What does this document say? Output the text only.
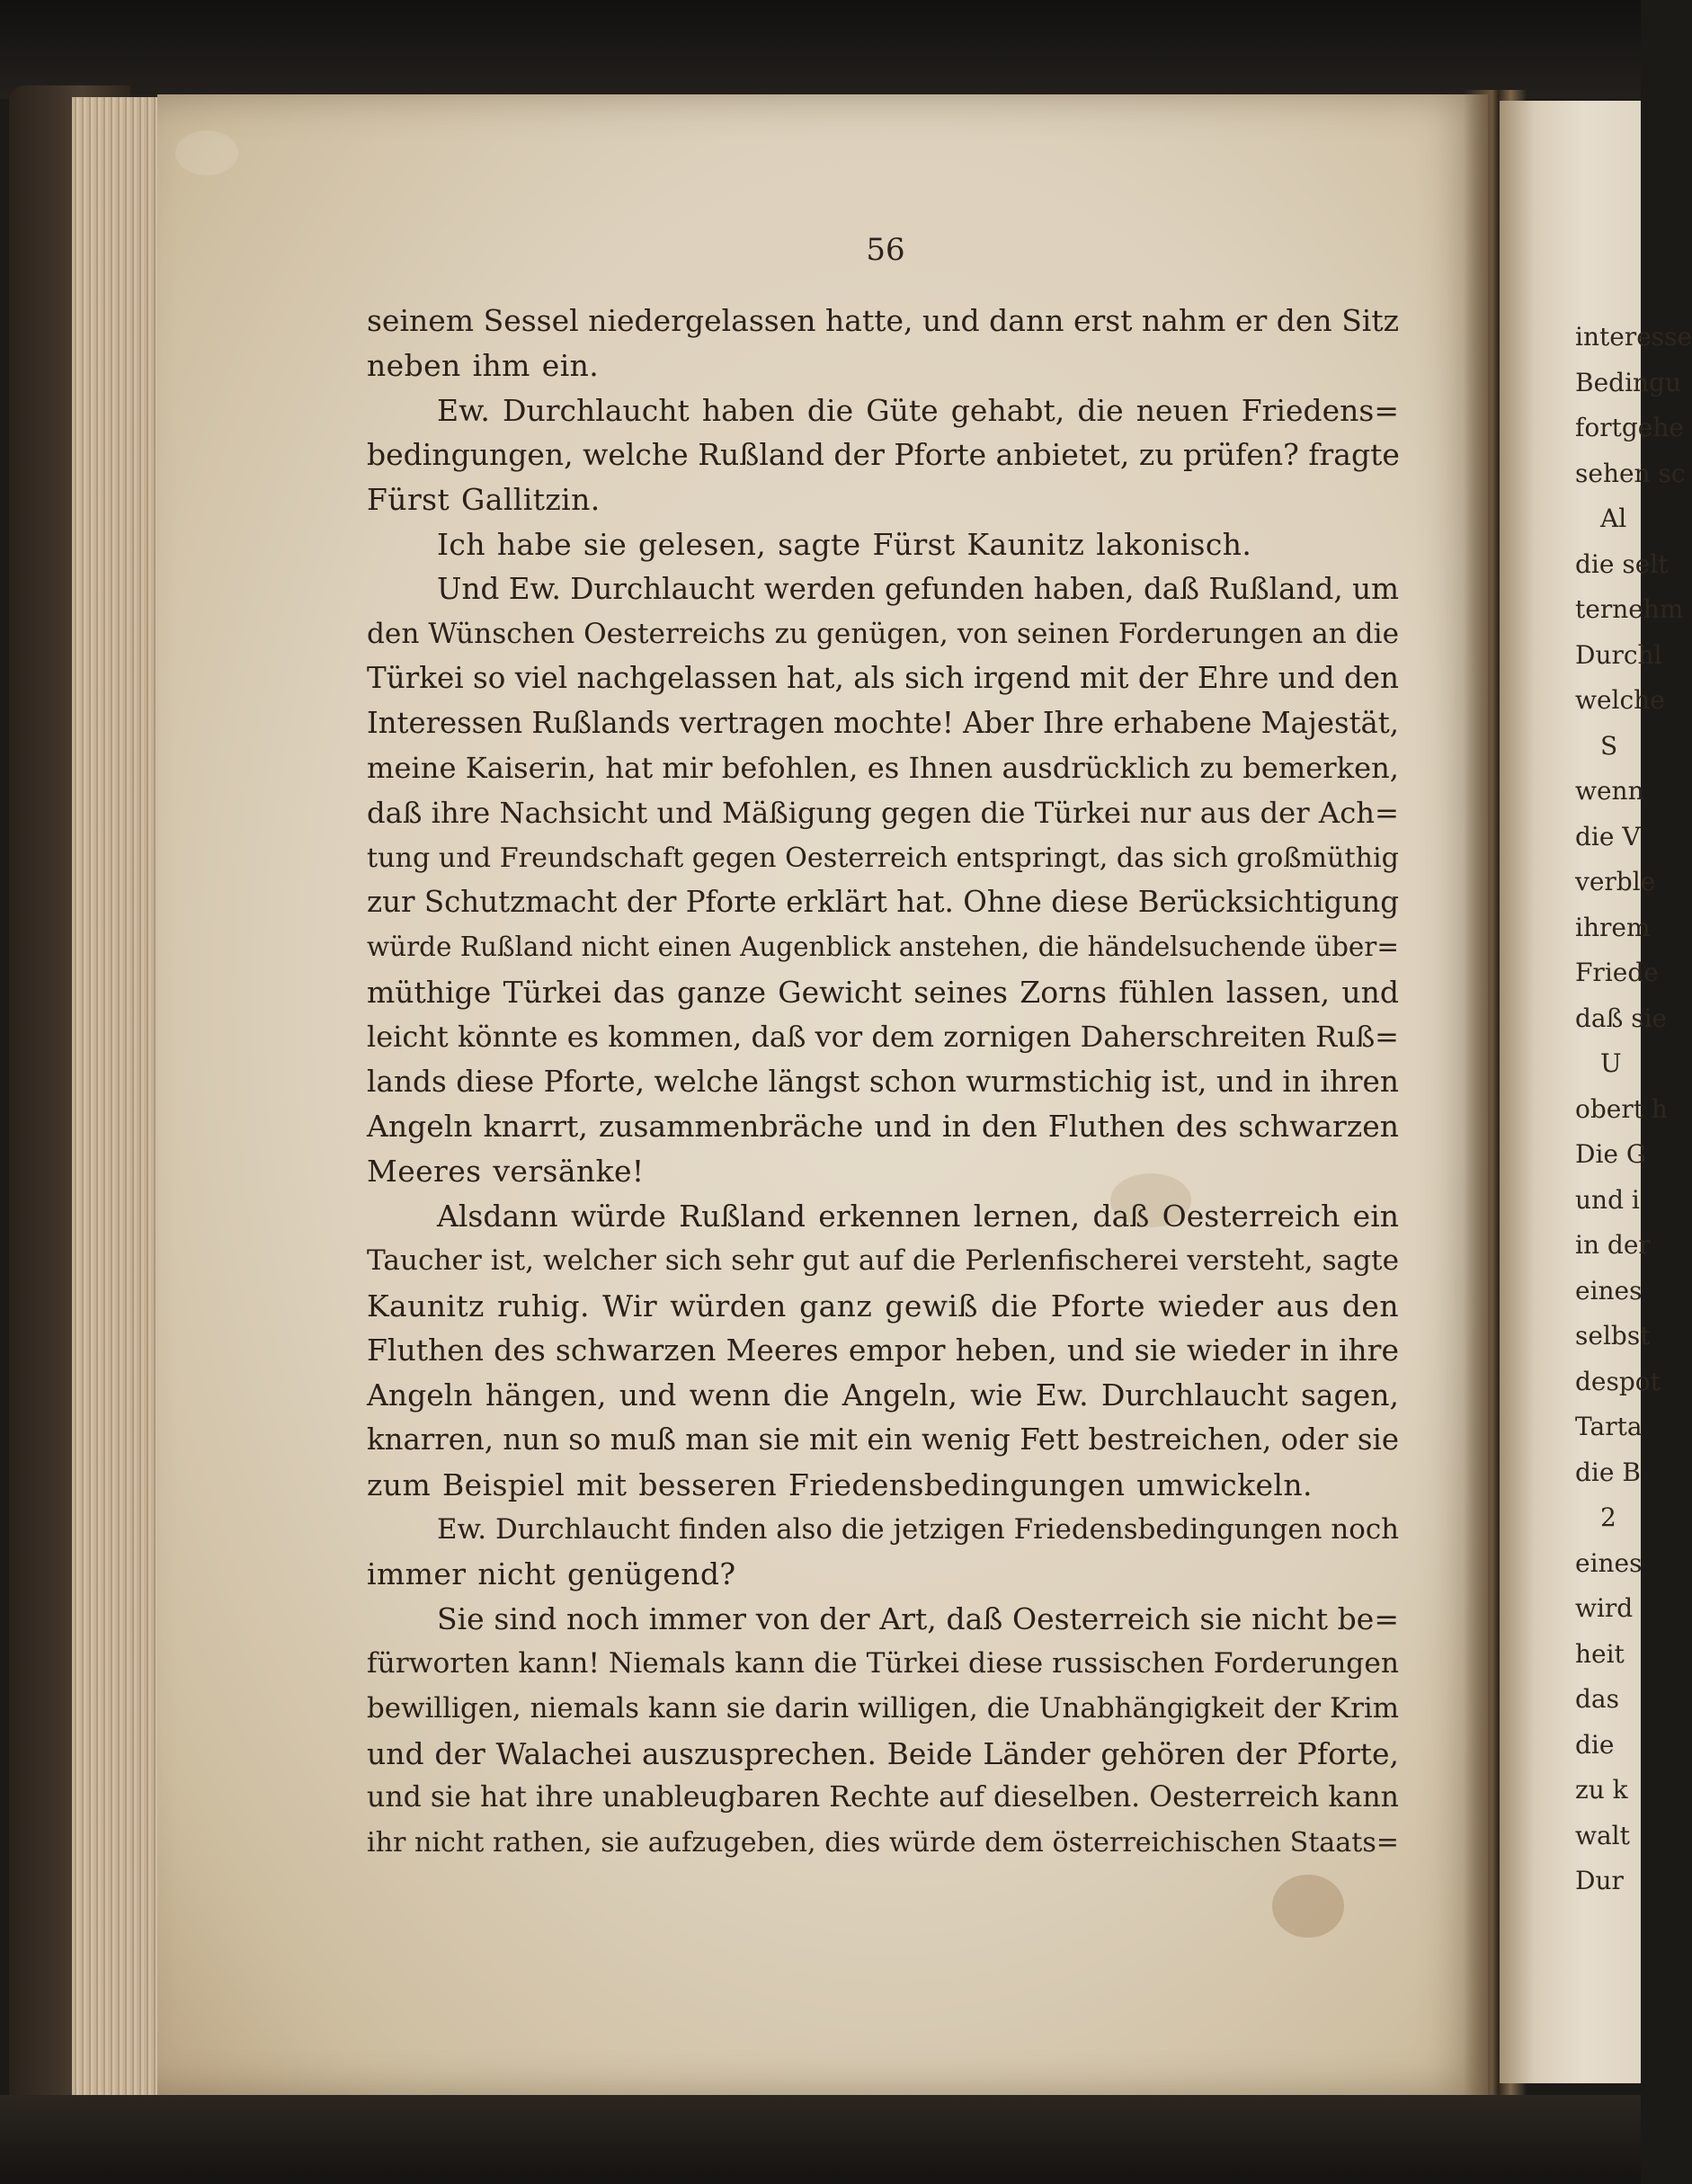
56
seinem Sessel niedergelassen hatte, und dann erst nahm er den Sitz
neben ihm ein.
Ew. Durchlaucht haben die Güte gehabt, die neuen Friedens=
bedingungen, welche Rußland der Pforte anbietet, zu prüfen? fragte
Fürst Gallitzin.
Ich habe sie gelesen, sagte Fürst Kaunitz lakonisch.
Und Ew. Durchlaucht werden gefunden haben, daß Rußland, um
den Wünschen Oesterreichs zu genügen, von seinen Forderungen an die
Türkei so viel nachgelassen hat, als sich irgend mit der Ehre und den
Interessen Rußlands vertragen mochte! Aber Ihre erhabene Majestät,
meine Kaiserin, hat mir befohlen, es Ihnen ausdrücklich zu bemerken,
daß ihre Nachsicht und Mäßigung gegen die Türkei nur aus der Ach=
tung und Freundschaft gegen Oesterreich entspringt, das sich großmüthig
zur Schutzmacht der Pforte erklärt hat. Ohne diese Berücksichtigung
würde Rußland nicht einen Augenblick anstehen, die händelsuchende über=
müthige Türkei das ganze Gewicht seines Zorns fühlen lassen, und
leicht könnte es kommen, daß vor dem zornigen Daherschreiten Ruß=
lands diese Pforte, welche längst schon wurmstichig ist, und in ihren
Angeln knarrt, zusammenbräche und in den Fluthen des schwarzen
Meeres versänke!
Alsdann würde Rußland erkennen lernen, daß Oesterreich ein
Taucher ist, welcher sich sehr gut auf die Perlenfischerei versteht, sagte
Kaunitz ruhig. Wir würden ganz gewiß die Pforte wieder aus den
Fluthen des schwarzen Meeres empor heben, und sie wieder in ihre
Angeln hängen, und wenn die Angeln, wie Ew. Durchlaucht sagen,
knarren, nun so muß man sie mit ein wenig Fett bestreichen, oder sie
zum Beispiel mit besseren Friedensbedingungen umwickeln.
Ew. Durchlaucht finden also die jetzigen Friedensbedingungen noch
immer nicht genügend?
Sie sind noch immer von der Art, daß Oesterreich sie nicht be=
fürworten kann! Niemals kann die Türkei diese russischen Forderungen
bewilligen, niemals kann sie darin willigen, die Unabhängigkeit der Krim
und der Walachei auszusprechen. Beide Länder gehören der Pforte,
und sie hat ihre unableugbaren Rechte auf dieselben. Oesterreich kann
ihr nicht rathen, sie aufzugeben, dies würde dem österreichischen Staats=
interesse
Bedingu
fortgehe
sehen sc
Al
die selt
ternehm
Durchl
welche
S
wenn
die V
verble
ihrem
Friede
daß sie
U
obert h
Die G
und i
in der
eines
selbst
despot
Tarta
die B
2
eines
wird
heit
das
die
zu k
walt
Dur
